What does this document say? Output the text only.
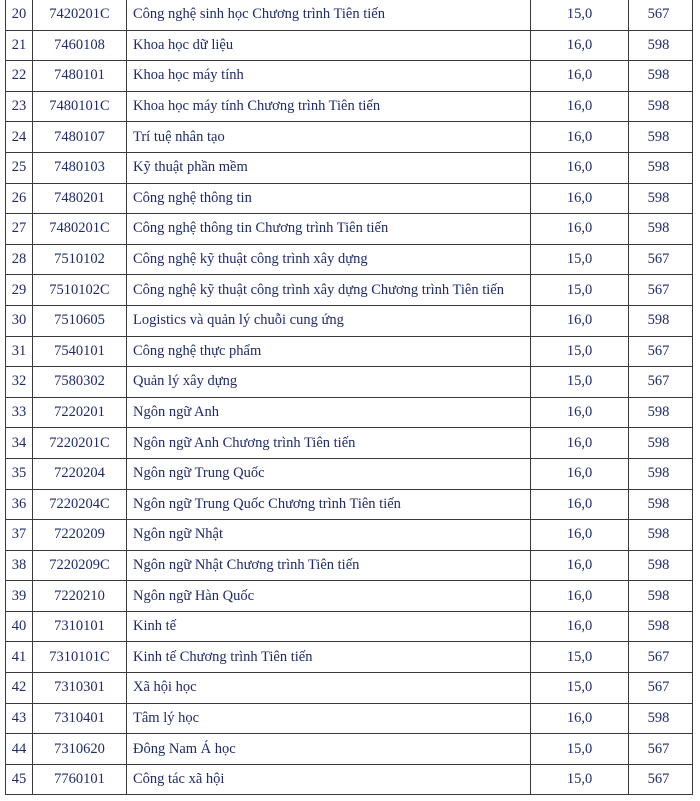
20	7420201C	Công nghệ sinh học Chương trình Tiên tiến	15,0	567
21	7460108	Khoa học dữ liệu	16,0	598
22	7480101	Khoa học máy tính	16,0	598
23	7480101C	Khoa học máy tính Chương trình Tiên tiến	16,0	598
24	7480107	Trí tuệ nhân tạo	16,0	598
25	7480103	Kỹ thuật phần mềm	16,0	598
26	7480201	Công nghệ thông tin	16,0	598
27	7480201C	Công nghệ thông tin Chương trình Tiên tiến	16,0	598
28	7510102	Công nghệ kỹ thuật công trình xây dựng	15,0	567
29	7510102C	Công nghệ kỹ thuật công trình xây dựng Chương trình Tiên tiến	15,0	567
30	7510605	Logistics và quản lý chuỗi cung ứng	16,0	598
31	7540101	Công nghệ thực phẩm	15,0	567
32	7580302	Quản lý xây dựng	15,0	567
33	7220201	Ngôn ngữ Anh	16,0	598
34	7220201C	Ngôn ngữ Anh Chương trình Tiên tiến	16,0	598
35	7220204	Ngôn ngữ Trung Quốc	16,0	598
36	7220204C	Ngôn ngữ Trung Quốc Chương trình Tiên tiến	16,0	598
37	7220209	Ngôn ngữ Nhật	16,0	598
38	7220209C	Ngôn ngữ Nhật Chương trình Tiên tiến	16,0	598
39	7220210	Ngôn ngữ Hàn Quốc	16,0	598
40	7310101	Kinh tế	16,0	598
41	7310101C	Kinh tế Chương trình Tiên tiến	15,0	567
42	7310301	Xã hội học	15,0	567
43	7310401	Tâm lý học	16,0	598
44	7310620	Đông Nam Á học	15,0	567
45	7760101	Công tác xã hội	15,0	567
